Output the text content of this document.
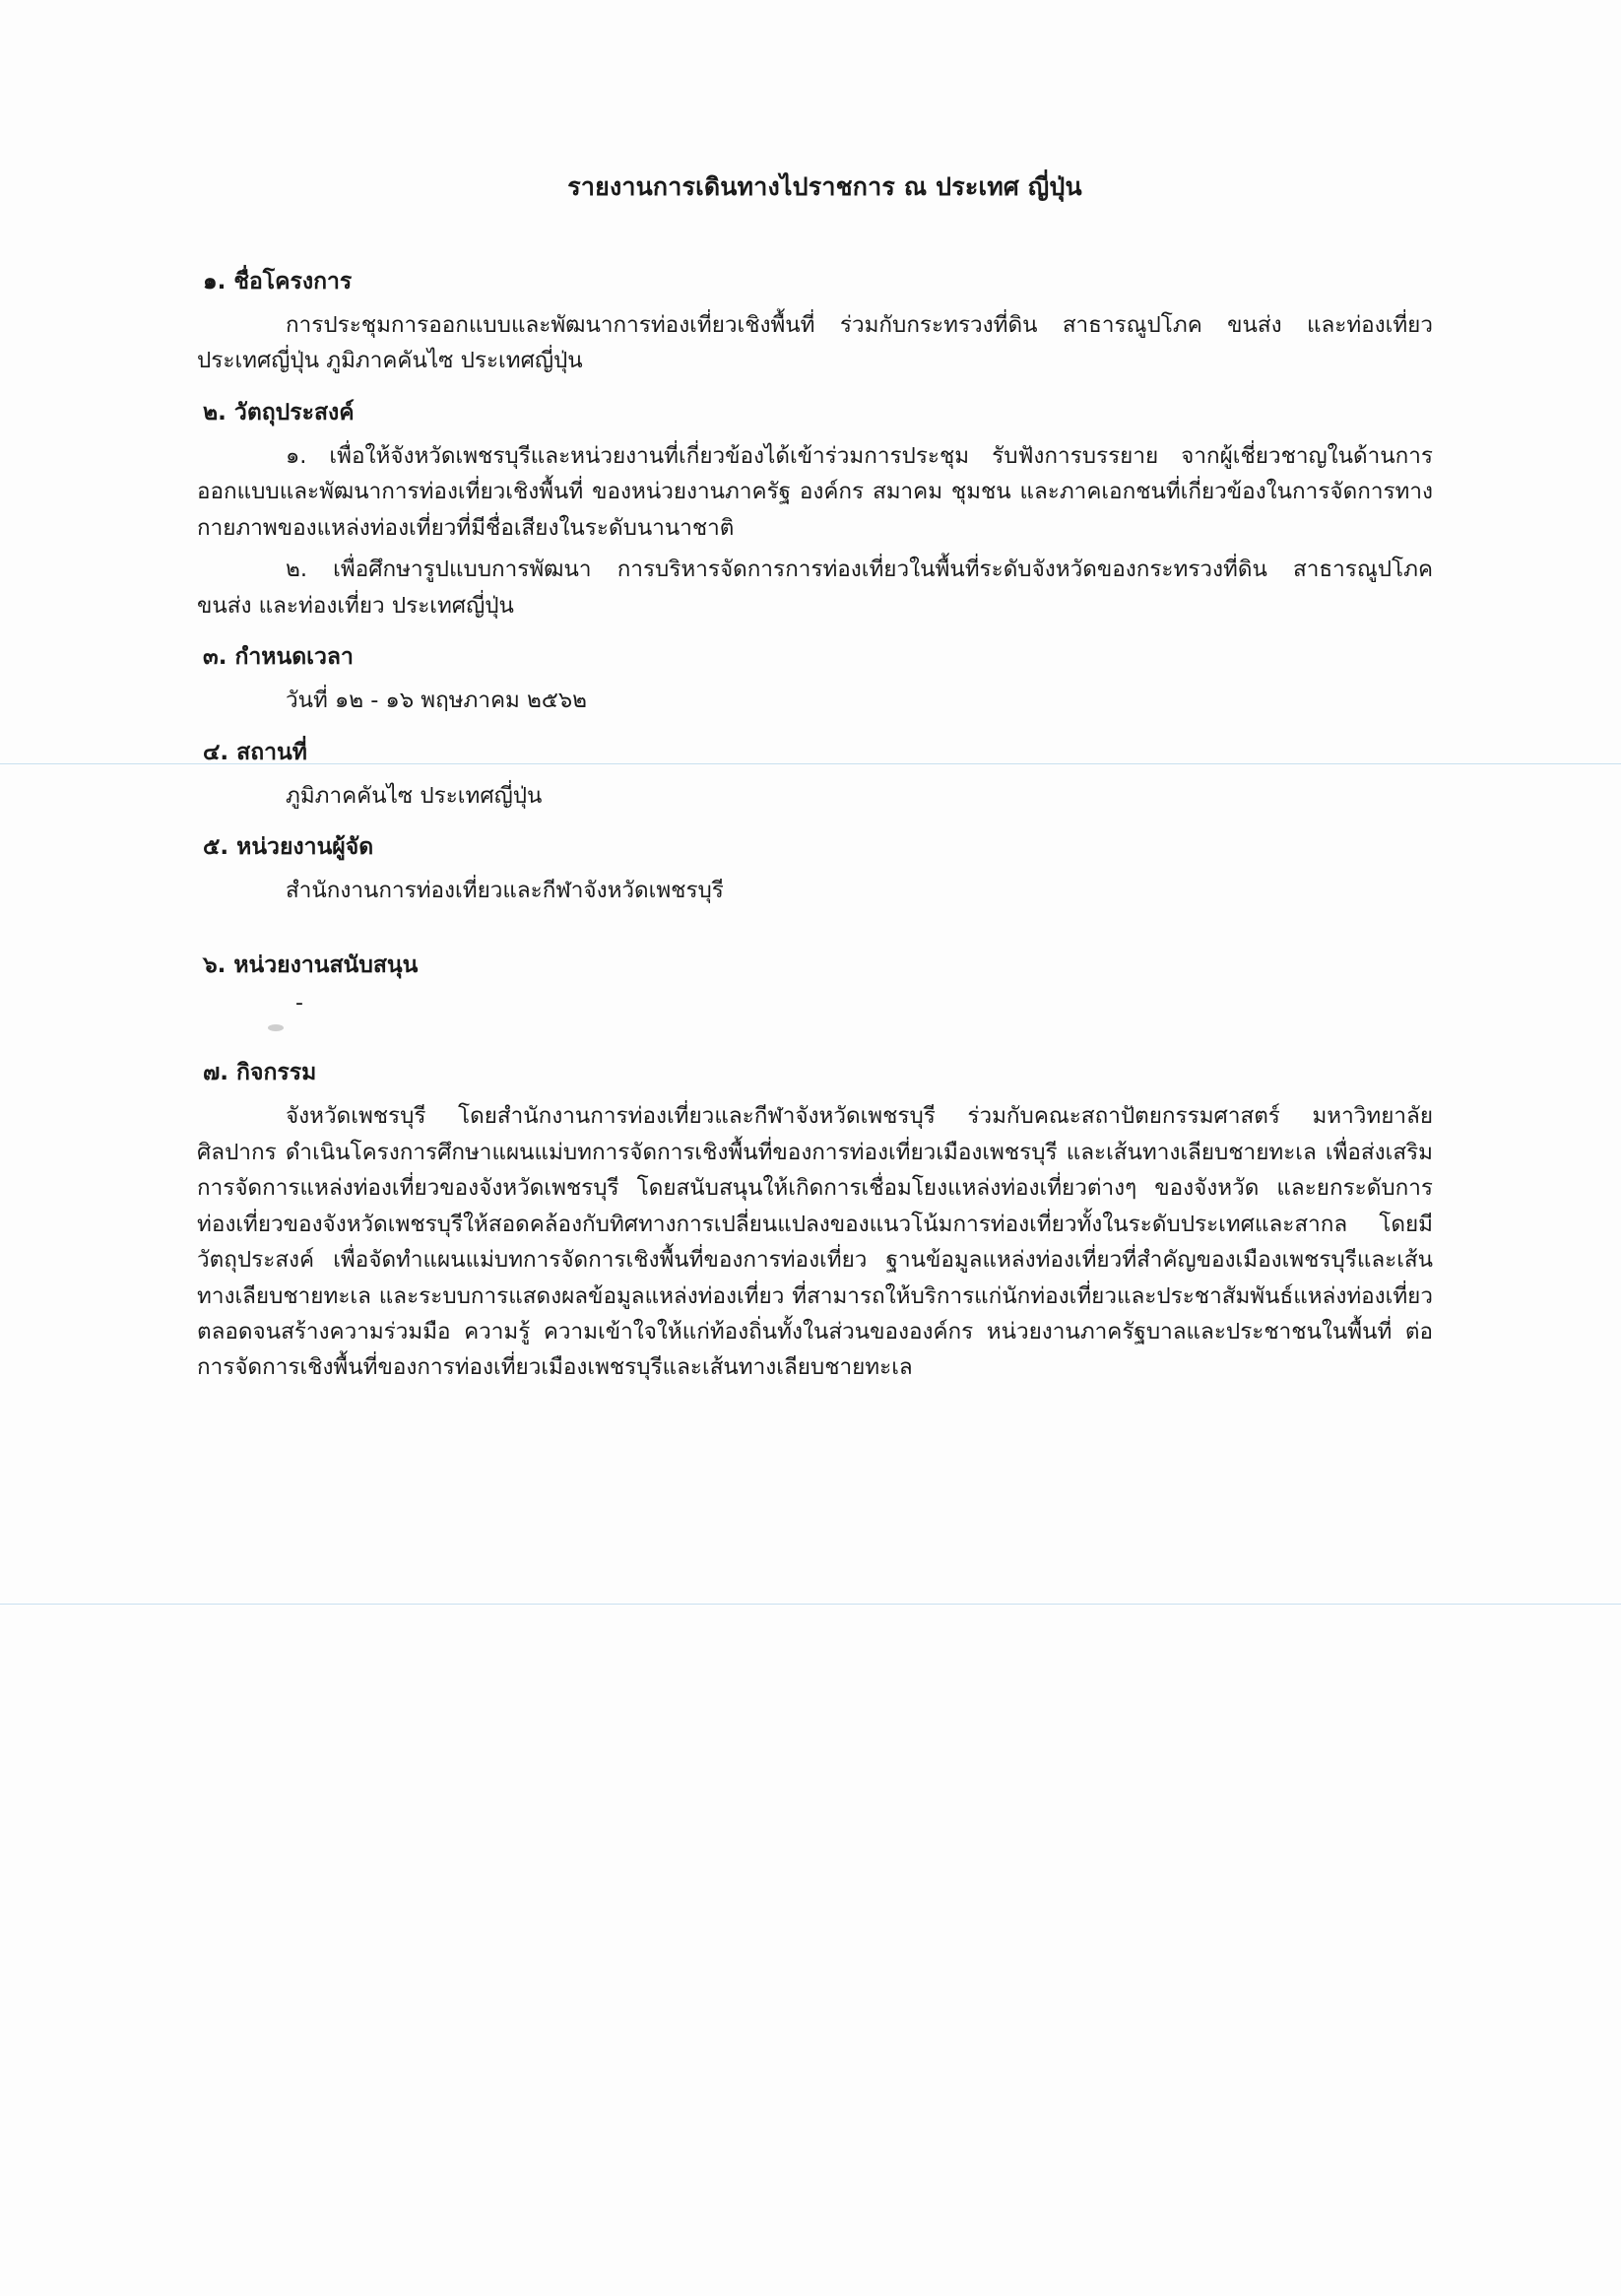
รายงานการเดินทางไปราชการ ณ ประเทศ ญี่ปุ่น
๑. ชื่อโครงการ

การประชุมการออกแบบและพัฒนาการท่องเที่ยวเชิงพื้นที่ ร่วมกับกระทรวงที่ดิน สาธารณูปโภค ขนส่ง และท่องเที่ยวประเทศญี่ปุ่น ภูมิภาคคันไซ ประเทศญี่ปุ่น

๒. วัตถุประสงค์

๑. เพื่อให้จังหวัดเพชรบุรีและหน่วยงานที่เกี่ยวข้องได้เข้าร่วมการประชุม รับฟังการบรรยาย จากผู้เชี่ยวชาญในด้านการออกแบบและพัฒนาการท่องเที่ยวเชิงพื้นที่ ของหน่วยงานภาครัฐ องค์กร สมาคม ชุมชน และภาคเอกชนที่เกี่ยวข้องในการจัดการทางกายภาพของแหล่งท่องเที่ยวที่มีชื่อเสียงในระดับนานาชาติ

๒. เพื่อศึกษารูปแบบการพัฒนา การบริหารจัดการการท่องเที่ยวในพื้นที่ระดับจังหวัดของกระทรวงที่ดิน สาธารณูปโภค ขนส่ง และท่องเที่ยว ประเทศญี่ปุ่น

๓. กำหนดเวลา

วันที่ ๑๒ - ๑๖ พฤษภาคม ๒๕๖๒

๔. สถานที่

ภูมิภาคคันไซ ประเทศญี่ปุ่น

๕. หน่วยงานผู้จัด

สำนักงานการท่องเที่ยวและกีฬาจังหวัดเพชรบุรี

๖. หน่วยงานสนับสนุน

-

๗. กิจกรรม

จังหวัดเพชรบุรี โดยสำนักงานการท่องเที่ยวและกีฬาจังหวัดเพชรบุรี ร่วมกับคณะสถาปัตยกรรมศาสตร์ มหาวิทยาลัยศิลปากร ดำเนินโครงการศึกษาแผนแม่บทการจัดการเชิงพื้นที่ของการท่องเที่ยวเมืองเพชรบุรี และเส้นทางเลียบชายทะเล เพื่อส่งเสริมการจัดการแหล่งท่องเที่ยวของจังหวัดเพชรบุรี โดยสนับสนุนให้เกิดการเชื่อมโยงแหล่งท่องเที่ยวต่างๆ ของจังหวัด และยกระดับการท่องเที่ยวของจังหวัดเพชรบุรีให้สอดคล้องกับทิศทางการเปลี่ยนแปลงของแนวโน้มการท่องเที่ยวทั้งในระดับประเทศและสากล โดยมีวัตถุประสงค์ เพื่อจัดทำแผนแม่บทการจัดการเชิงพื้นที่ของการท่องเที่ยว ฐานข้อมูลแหล่งท่องเที่ยวที่สำคัญของเมืองเพชรบุรีและเส้นทางเลียบชายทะเล และระบบการแสดงผลข้อมูลแหล่งท่องเที่ยว ที่สามารถให้บริการแก่นักท่องเที่ยวและประชาสัมพันธ์แหล่งท่องเที่ยว ตลอดจนสร้างความร่วมมือ ความรู้ ความเข้าใจให้แก่ท้องถิ่นทั้งในส่วนขององค์กร หน่วยงานภาครัฐบาลและประชาชนในพื้นที่ ต่อการจัดการเชิงพื้นที่ของการท่องเที่ยวเมืองเพชรบุรีและเส้นทางเลียบชายทะเล
